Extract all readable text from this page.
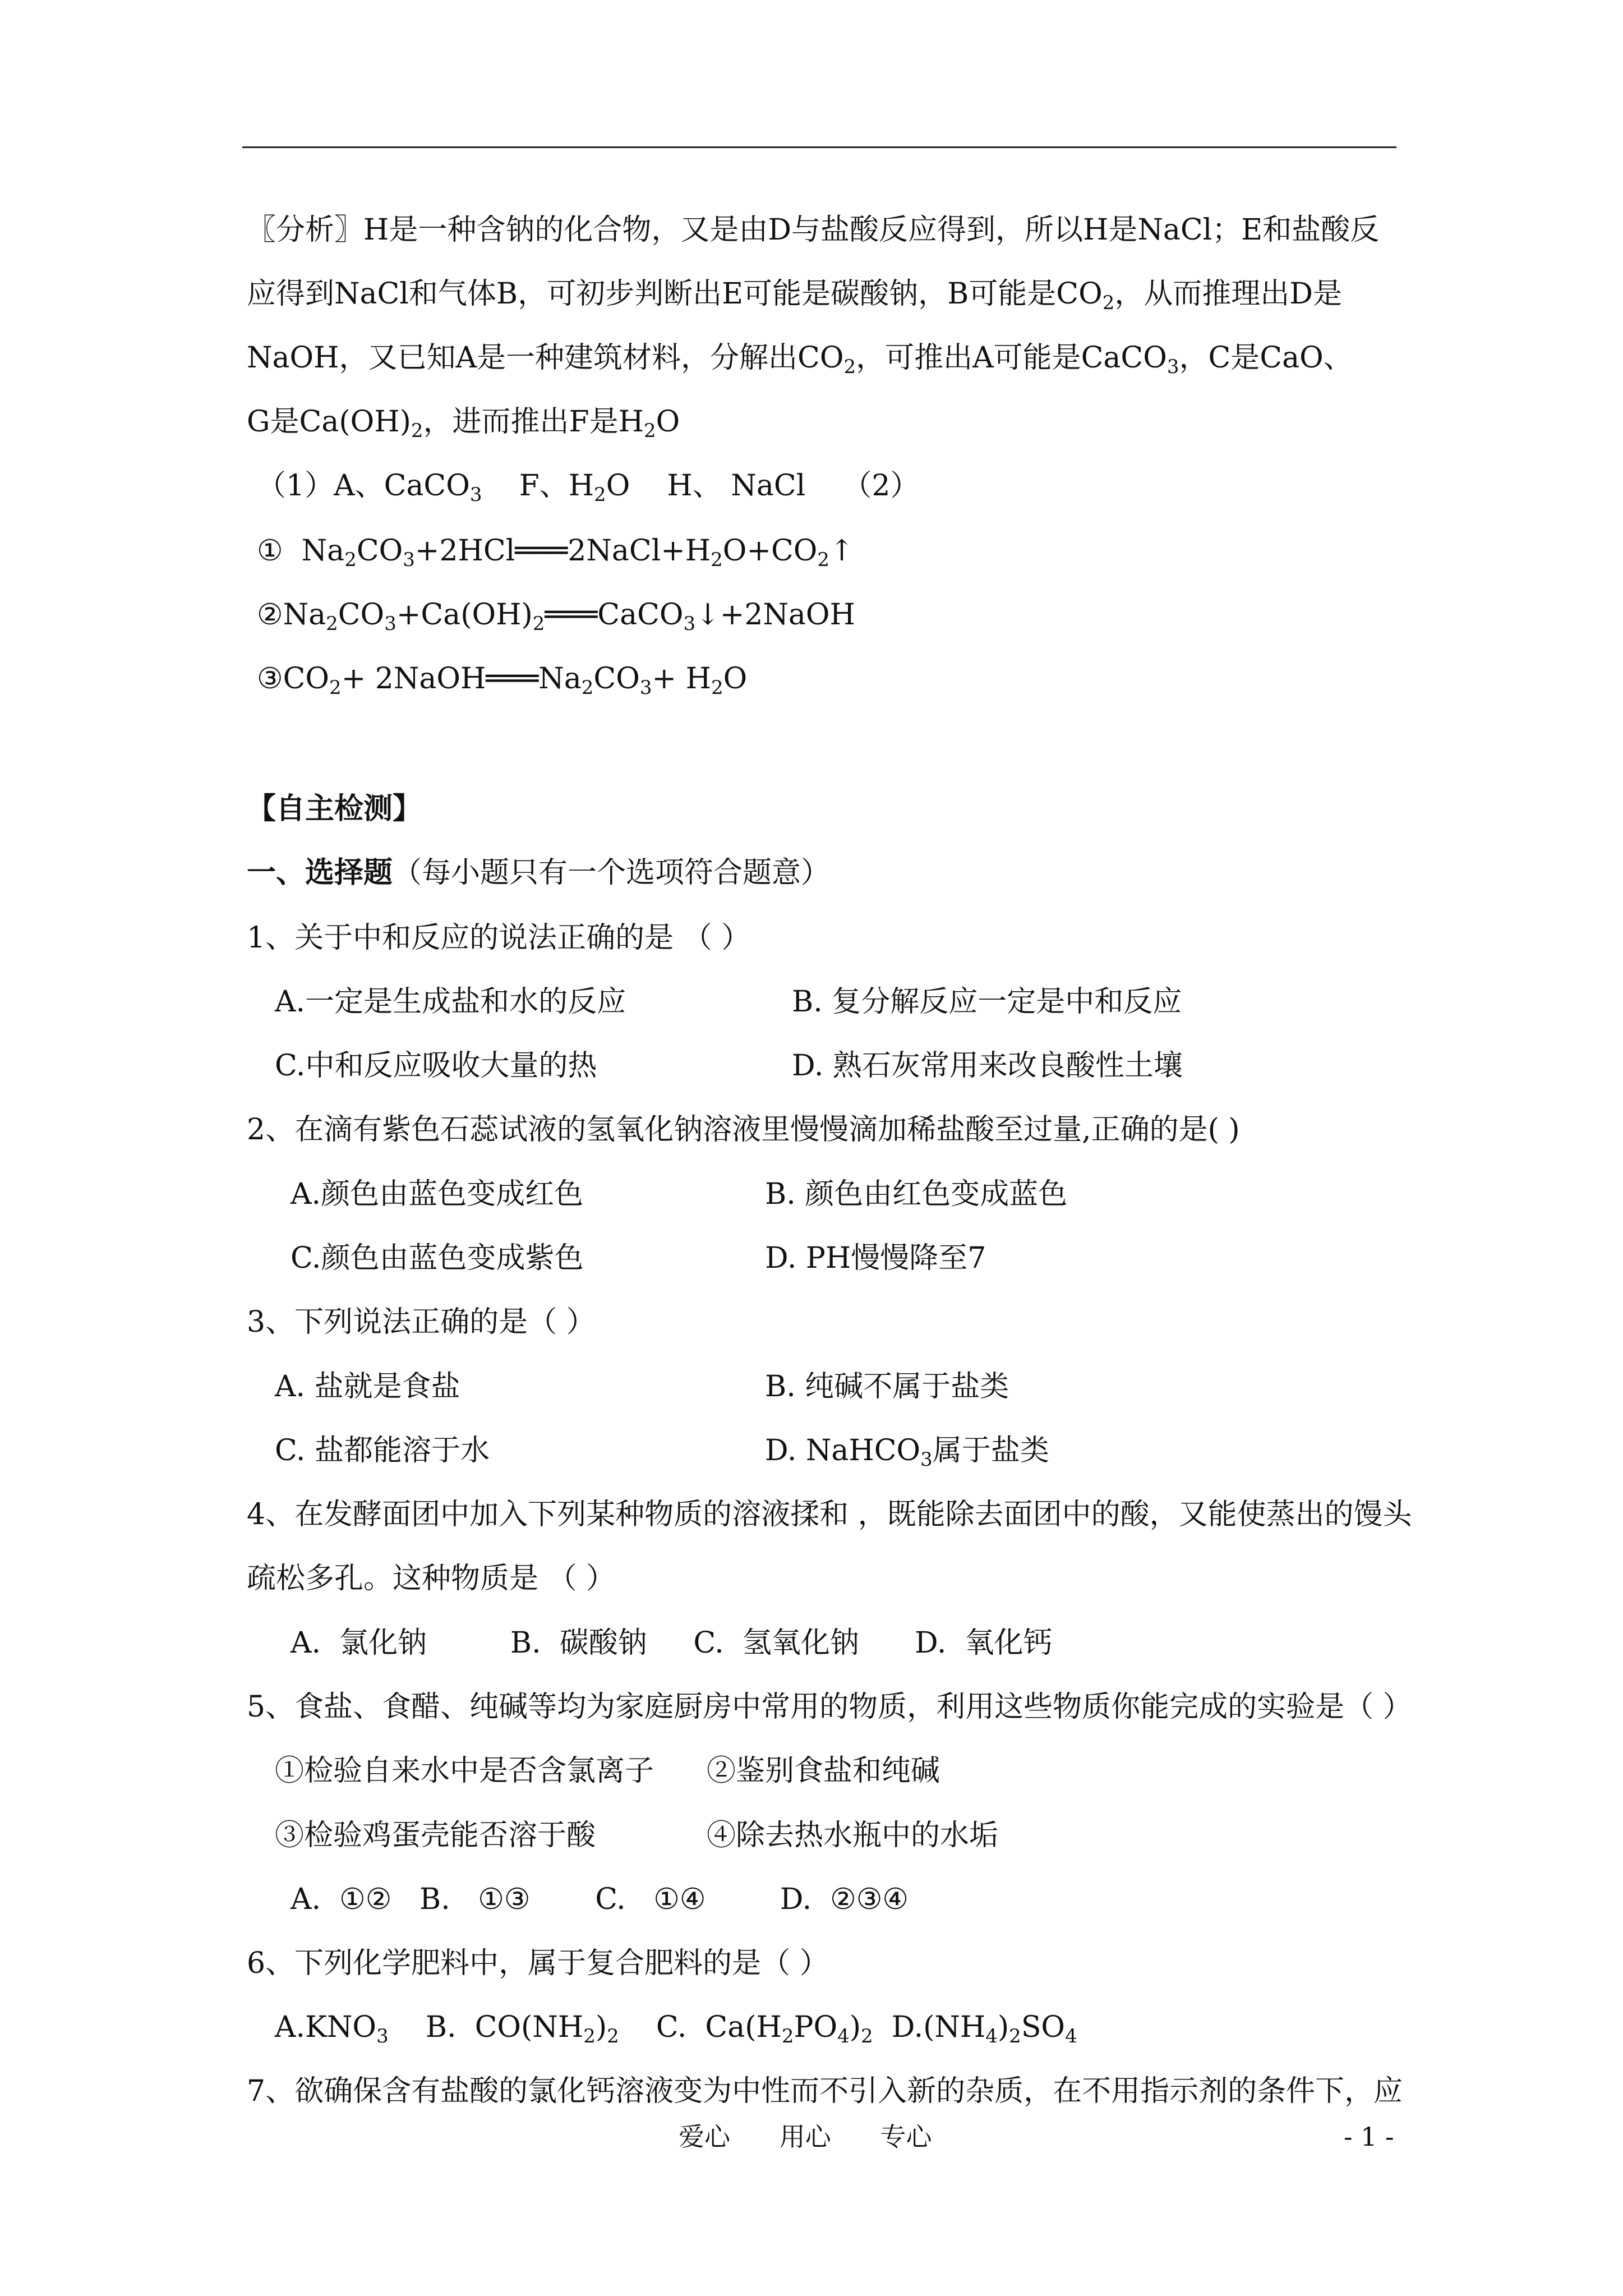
〖分析〗H是一种含钠的化合物，又是由D与盐酸反应得到，所以H是NaCl；E和盐酸反
应得到NaCl和气体B，可初步判断出E可能是碳酸钠，B可能是$CO_2$，从而推理出D是
NaOH，又已知A是一种建筑材料，分解出$CO_2$，可推出A可能是CaCO$_3$，C是CaO、
G是$Ca(OH)_2$，进而推出F是$H_2O$
（1）A、CaCO$_3$    F、$H_2O$    H、 NaCl    （2）
①  $Na_2CO_3+2HCl═══2NaCl+H_2O+CO_2↑$
$②Na_2CO_3+Ca(OH)_2═══CaCO_3↓+2NaOH$
$③CO_2+$ $2NaOH═══Na_2CO_3+ H_2O$
【自主检测】
一、选择题（每小题只有一个选项符合题意）
1、关于中和反应的说法正确的是 （ ）
A.一定是生成盐和水的反应	B. 复分解反应一定是中和反应
C.中和反应吸收大量的热	D. 熟石灰常用来改良酸性土壤
2、在滴有紫色石蕊试液的氢氧化钠溶液里慢慢滴加稀盐酸至过量,正确的是( )
A.颜色由蓝色变成红色	B. 颜色由红色变成蓝色
C.颜色由蓝色变成紫色	D. PH慢慢降至7
3、下列说法正确的是（ ）
A. 盐就是食盐	B. 纯碱不属于盐类
C. 盐都能溶于水	D. NaHCO$_3$属于盐类
4、在发酵面团中加入下列某种物质的溶液揉和 ，既能除去面团中的酸，又能使蒸出的馒头
疏松多孔。这种物质是 （ ）
A.  氯化钠         B.  碳酸钠     C.  氢氧化钠      D.  氧化钙
5、食盐、食醋、纯碱等均为家庭厨房中常用的物质，利用这些物质你能完成的实验是（ ）
①检验自来水中是否含氯离子 ②鉴别食盐和纯碱
③检验鸡蛋壳能否溶于酸	④除去热水瓶中的水垢
A.  ①②   B.   ①③       C.   ①④        D.  ②③④
6、下列化学肥料中，属于复合肥料的是（ ）
$A.KNO_3$    B.  $CO(NH_2)_2$    C.  $Ca(H_2PO_4)_2$  $D.(NH_4)_2SO_4$
7、欲确保含有盐酸的氯化钙溶液变为中性而不引入新的杂质，在不用指示剂的条件下，应
爱心      用心      专心	- 1 -
